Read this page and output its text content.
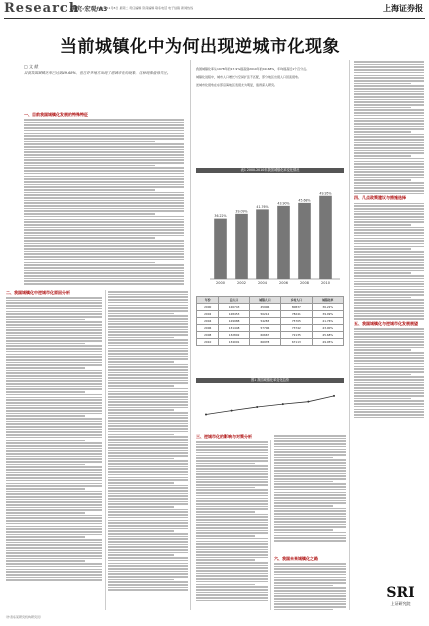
Research
研究·宏观/A3
2011年11月8日 星期二 责任编辑 资深编辑 联系电话 电子信箱 新闻热线	上海证券报
当前城镇化中为何出现逆城市化现象
□ 文 献
目前我国城镇化率已达到49.68%，但在许多地方出现了逆城市化的现象，这种现象值得关注。
一、目前我国城镇化发展的特殊特征
二、我国城镇化中逆城市化原因分析
我国城镇化率从1978年的17.9%提高到2010年的49.68%，年均提高近1个百分点。
城镇化进程中，城市人口增长与空间扩张不匹配，部分地区出现人口回流现象。
逆城市化现象在东部沿海地区表现尤为明显，值得深入研究。
表1 2000-2010年我国城镇化率变化情况
2000
36.22%
2002
39.09%
2004
41.76%
2006
43.90%
2008
45.68%
2010
49.95%
年份	总人口	城镇人口	乡村人口	城镇化率
2000	126743	45906	80837	36.22%
2002	128453	50212	78241	39.09%
2004	129988	54283	75705	41.76%
2006	131448	57706	73742	43.90%
2008	132802	60667	72135	45.68%
2010	134091	66978	67113	49.95%
图1 我国城镇化率变化趋势
三、逆城市化的影响与对策分析
四、几点政策建议与措施选择
五、我国城镇化与逆城市化发展展望
六、我国未来城镇化之路
（作者系某研究机构研究员）
SRI
上证研究院
